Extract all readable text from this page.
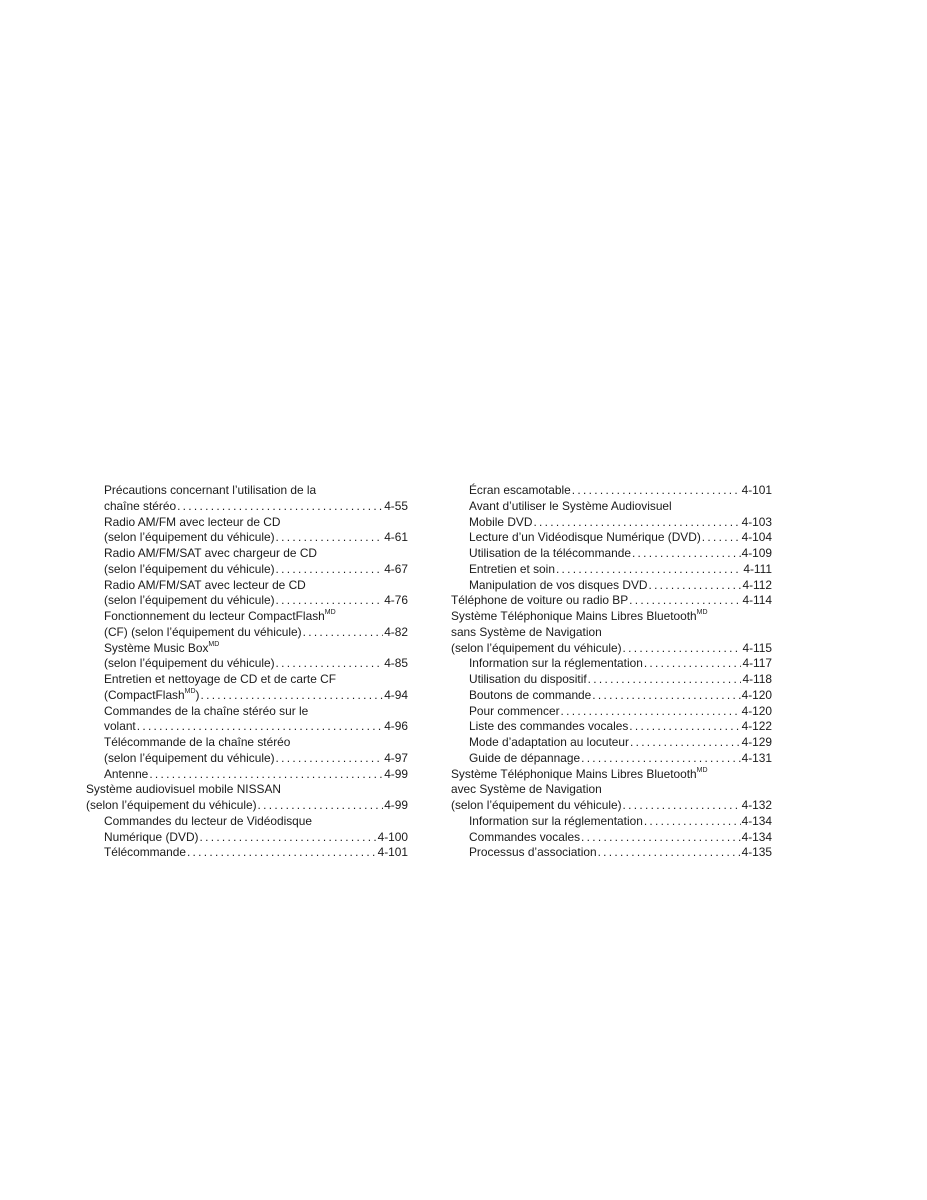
Précautions concernant l’utilisation de la
chaîne stéréo . . .	4-55
Radio AM/FM avec lecteur de CD
(selon l’équipement du véhicule) . . .	4-61
Radio AM/FM/SAT avec chargeur de CD
(selon l’équipement du véhicule) . . .	4-67
Radio AM/FM/SAT avec lecteur de CD
(selon l’équipement du véhicule) . . .	4-76
Fonctionnement du lecteur CompactFlash$^{MD}$
(CF) (selon l’équipement du véhicule) . . .	4-82
Système Music Box$^{MD}$
(selon l’équipement du véhicule) . . .	4-85
Entretien et nettoyage de CD et de carte CF
(CompactFlash$^{MD}$) . . .	4-94
Commandes de la chaîne stéréo sur le
volant . . .	4-96
Télécommande de la chaîne stéréo
(selon l’équipement du véhicule) . . .	4-97
Antenne . . .	4-99
Système audiovisuel mobile NISSAN
(selon l’équipement du véhicule) . . .	4-99
Commandes du lecteur de Vidéodisque
Numérique (DVD) . . .	4-100
Télécommande . . .	4-101
Écran escamotable . . .	4-101
Avant d’utiliser le Système Audiovisuel
Mobile DVD . . .	4-103
Lecture d’un Vidéodisque Numérique (DVD) . . .	4-104
Utilisation de la télécommande . . .	4-109
Entretien et soin . . .	4-111
Manipulation de vos disques DVD . . .	4-112
Téléphone de voiture ou radio BP . . .	4-114
Système Téléphonique Mains Libres Bluetooth$^{MD}$
sans Système de Navigation
(selon l’équipement du véhicule) . . .	4-115
Information sur la réglementation . . .	4-117
Utilisation du dispositif . . .	4-118
Boutons de commande . . .	4-120
Pour commencer . . .	4-120
Liste des commandes vocales . . .	4-122
Mode d’adaptation au locuteur . . .	4-129
Guide de dépannage . . .	4-131
Système Téléphonique Mains Libres Bluetooth$^{MD}$
avec Système de Navigation
(selon l’équipement du véhicule) . . .	4-132
Information sur la réglementation . . .	4-134
Commandes vocales . . .	4-134
Processus d’association . . .	4-135
